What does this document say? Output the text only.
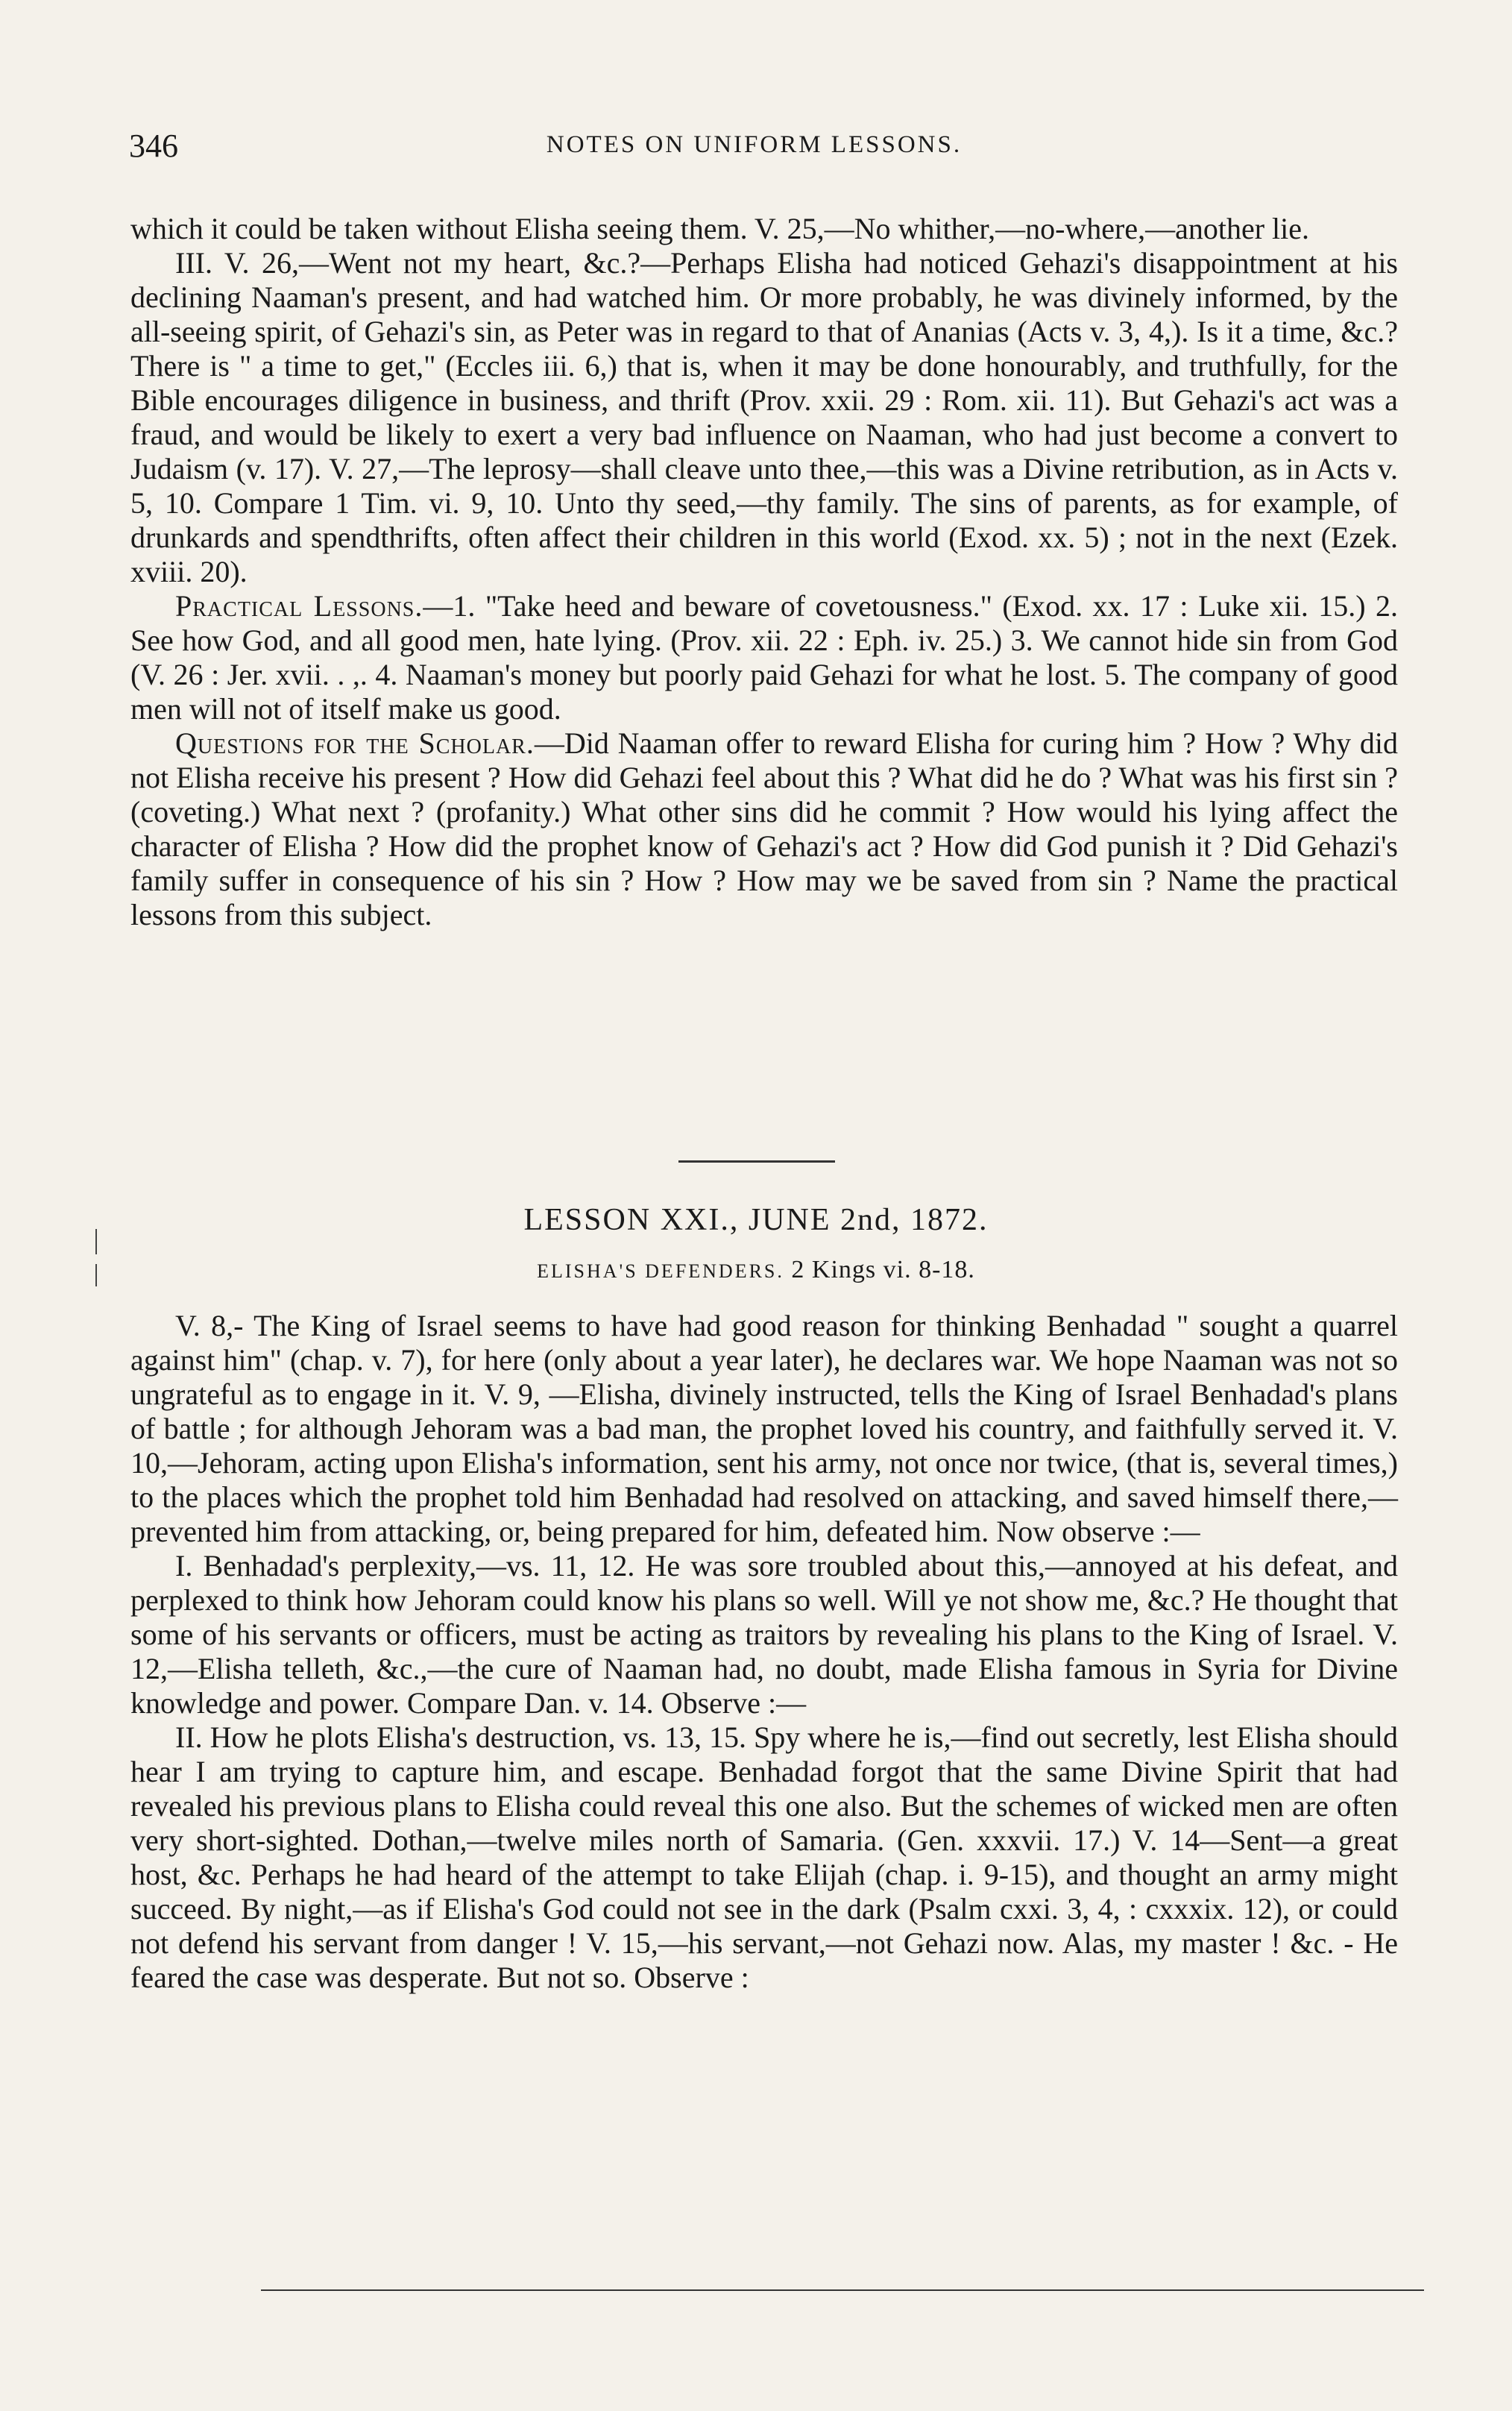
346	NOTES ON UNIFORM LESSONS.

which it could be taken without Elisha seeing them. V. 25,—No whither,—no-where,—another lie.

III. V. 26,—Went not my heart, &c.?—Perhaps Elisha had noticed Gehazi's disappointment at his declining Naaman's present, and had watched him. Or more probably, he was divinely informed, by the all-seeing spirit, of Gehazi's sin, as Peter was in regard to that of Ananias (Acts v. 3, 4,). Is it a time, &c.? There is " a time to get," (Eccles iii. 6,) that is, when it may be done honourably, and truthfully, for the Bible encourages diligence in business, and thrift (Prov. xxii. 29 : Rom. xii. 11). But Gehazi's act was a fraud, and would be likely to exert a very bad influence on Naaman, who had just become a convert to Judaism (v. 17). V. 27,—The leprosy—shall cleave unto thee,—this was a Divine retribution, as in Acts v. 5, 10. Compare 1 Tim. vi. 9, 10. Unto thy seed,—thy family. The sins of parents, as for example, of drunkards and spendthrifts, often affect their children in this world (Exod. xx. 5) ; not in the next (Ezek. xviii. 20).

Practical Lessons.—1. "Take heed and beware of covetousness." (Exod. xx. 17 : Luke xii. 15.) 2. See how God, and all good men, hate lying. (Prov. xii. 22 : Eph. iv. 25.) 3. We cannot hide sin from God (V. 26 : Jer. xvii. . ,. 4. Naaman's money but poorly paid Gehazi for what he lost. 5. The company of good men will not of itself make us good.

Questions for the Scholar.—Did Naaman offer to reward Elisha for curing him ? How ? Why did not Elisha receive his present ? How did Gehazi feel about this ? What did he do ? What was his first sin ? (coveting.) What next ? (profanity.) What other sins did he commit ? How would his lying affect the character of Elisha ? How did the prophet know of Gehazi's act ? How did God punish it ? Did Gehazi's family suffer in consequence of his sin ? How ? How may we be saved from sin ? Name the practical lessons from this subject.

LESSON XXI., JUNE 2nd, 1872.
ELISHA'S DEFENDERS. 2 Kings vi. 8-18.

V. 8,- The King of Israel seems to have had good reason for thinking Benhadad " sought a quarrel against him" (chap. v. 7), for here (only about a year later), he declares war. We hope Naaman was not so ungrateful as to engage in it. V. 9, —Elisha, divinely instructed, tells the King of Israel Benhadad's plans of battle ; for although Jehoram was a bad man, the prophet loved his country, and faithfully served it. V. 10,—Jehoram, acting upon Elisha's information, sent his army, not once nor twice, (that is, several times,) to the places which the prophet told him Benhadad had resolved on attacking, and saved himself there,—prevented him from attacking, or, being prepared for him, defeated him. Now observe :—

I. Benhadad's perplexity,—vs. 11, 12. He was sore troubled about this,—annoyed at his defeat, and perplexed to think how Jehoram could know his plans so well. Will ye not show me, &c.? He thought that some of his servants or officers, must be acting as traitors by revealing his plans to the King of Israel. V. 12,—Elisha telleth, &c.,—the cure of Naaman had, no doubt, made Elisha famous in Syria for Divine knowledge and power. Compare Dan. v. 14. Observe :—

II. How he plots Elisha's destruction, vs. 13, 15. Spy where he is,—find out secretly, lest Elisha should hear I am trying to capture him, and escape. Benhadad forgot that the same Divine Spirit that had revealed his previous plans to Elisha could reveal this one also. But the schemes of wicked men are often very short-sighted. Dothan,—twelve miles north of Samaria. (Gen. xxxvii. 17.) V. 14—Sent—a great host, &c. Perhaps he had heard of the attempt to take Elijah (chap. i. 9-15), and thought an army might succeed. By night,—as if Elisha's God could not see in the dark (Psalm cxxi. 3, 4, : cxxxix. 12), or could not defend his servant from danger ! V. 15,—his servant,—not Gehazi now. Alas, my master ! &c. - He feared the case was desperate. But not so. Observe :
